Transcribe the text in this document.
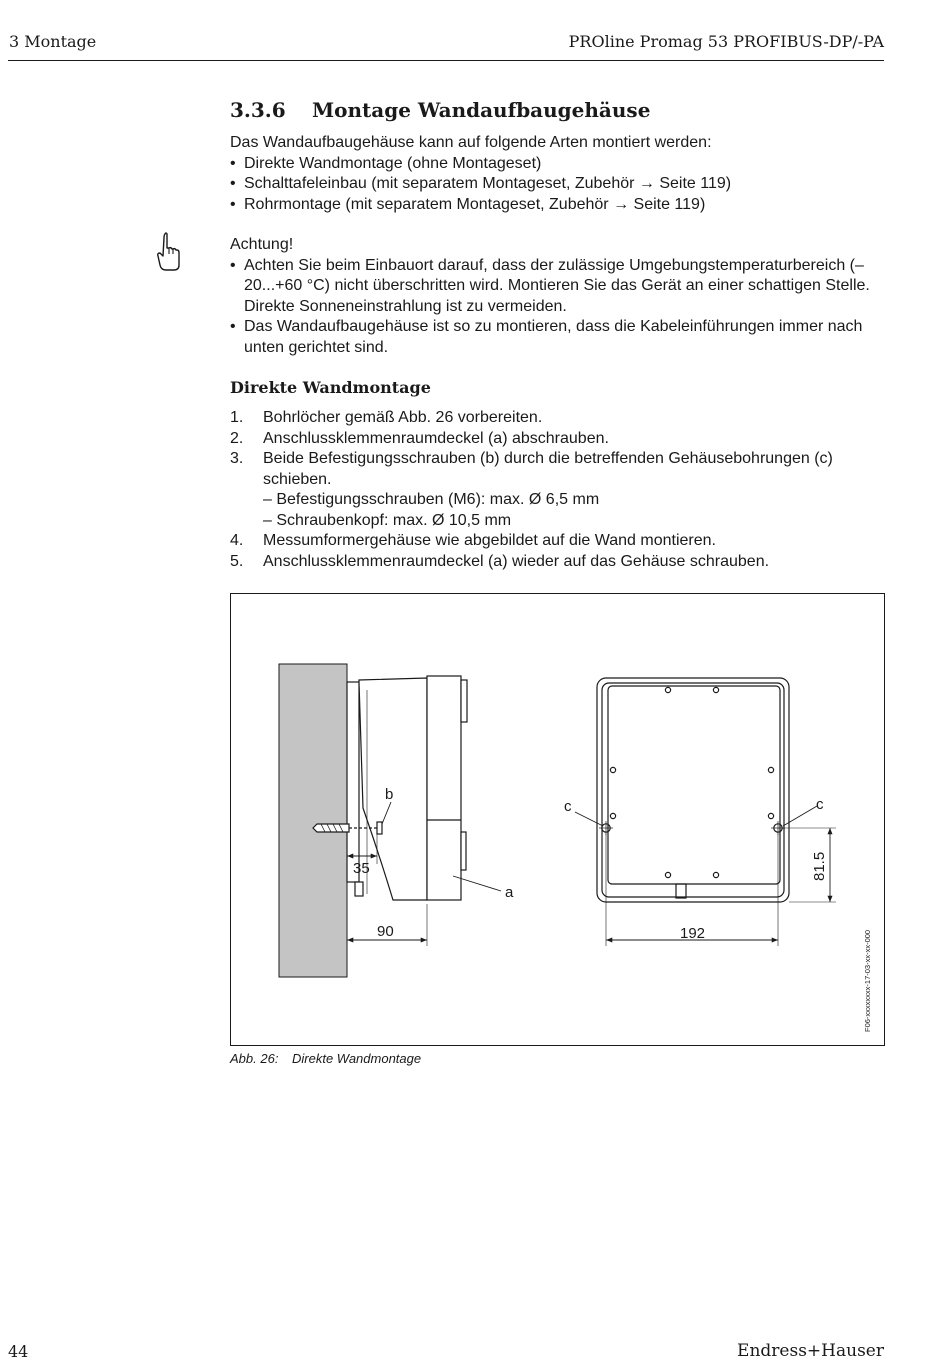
3 Montage	PROline Promag 53 PROFIBUS-DP/-PA
3.3.6 Montage Wandaufbaugehäuse
Das Wandaufbaugehäuse kann auf folgende Arten montiert werden:
• Direkte Wandmontage (ohne Montageset)
• Schalttafeleinbau (mit separatem Montageset, Zubehör → Seite 119)
• Rohrmontage (mit separatem Montageset, Zubehör → Seite 119)
Achtung!
• Achten Sie beim Einbauort darauf, dass der zulässige Umgebungstemperaturbereich (–20...+60 °C) nicht überschritten wird. Montieren Sie das Gerät an einer schattigen Stelle. Direkte Sonneneinstrahlung ist zu vermeiden.
• Das Wandaufbaugehäuse ist so zu montieren, dass die Kabeleinführungen immer nach unten gerichtet sind.
Direkte Wandmontage
1. Bohrlöcher gemäß Abb. 26 vorbereiten.
2. Anschlussklemmenraumdeckel (a) abschrauben.
3. Beide Befestigungsschrauben (b) durch die betreffenden Gehäusebohrungen (c) schieben.
– Befestigungsschrauben (M6): max. Ø 6,5 mm
– Schraubenkopf: max. Ø 10,5 mm
4. Messumformergehäuse wie abgebildet auf die Wand montieren.
5. Anschlussklemmenraumdeckel (a) wieder auf das Gehäuse schrauben.
b
a
c	c
35
90	192
81.5
F06-xxxxxxxx-17-03-xx-xx-000
Abb. 26: Direkte Wandmontage
44	Endress+Hauser
